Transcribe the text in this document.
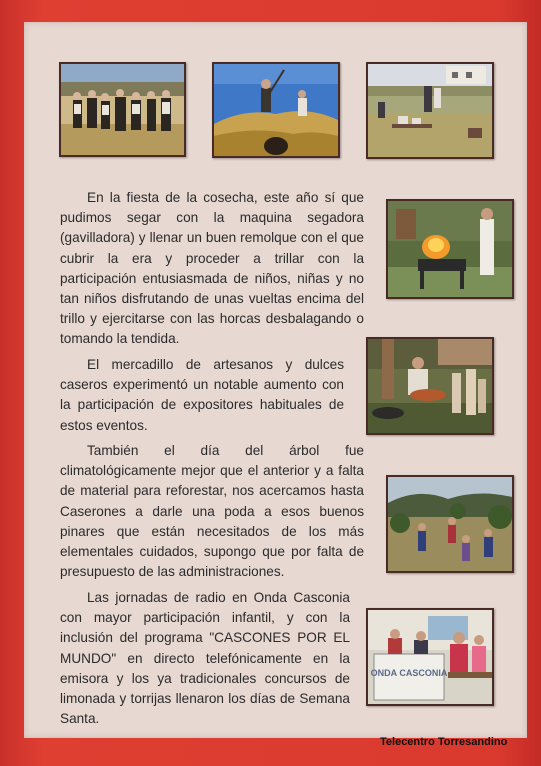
ONDA CASCONIA

En la fiesta de la cosecha, este año sí que pudimos segar con la maquina segadora (gavilladora) y llenar un buen remolque con el que cubrir la era y proceder a trillar con la participación entusiasmada de niños, niñas y no tan niños disfrutando de unas vueltas encima del trillo y ejercitarse con las horcas desbalagando o tomando la tendida.

El mercadillo de artesanos y dulces caseros experimentó un notable aumento con la participación de expositores habituales de estos eventos.

También el día del árbol fue climatológicamente mejor que el anterior y a falta de material para reforestar, nos acercamos hasta Caserones a darle una poda a esos buenos pinares que están necesitados de los más elementales cuidados, supongo que por falta de presupuesto de las administraciones.

Las jornadas de radio en Onda Casconia con mayor participación infantil, y con la inclusión del programa "CASCONES POR EL MUNDO" en directo telefónicamente en la emisora y los ya tradicionales concursos de limonada y torrijas llenaron los días de Semana Santa.

Telecentro Torresandino
